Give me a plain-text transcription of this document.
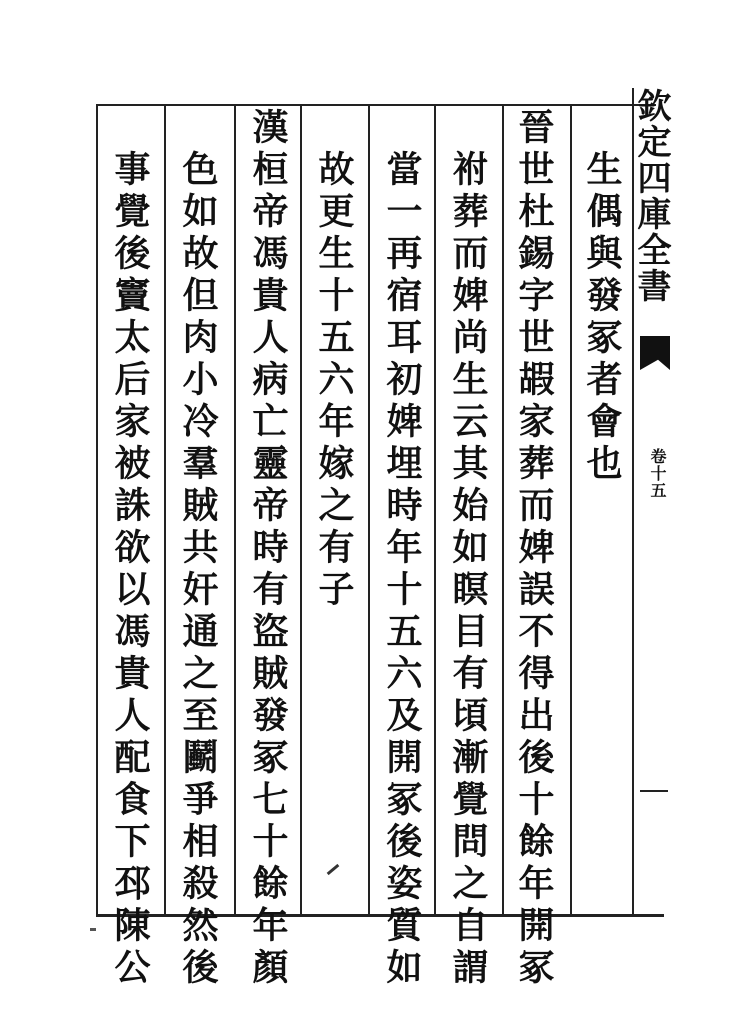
生偶與發冢者會也
晉世杜錫字世嘏家葬而婢誤不得出後十餘年開冢
祔葬而婢尚生云其始如瞑目有頃漸覺問之自謂
當一再宿耳初婢埋時年十五六及開冢後姿質如
故更生十五六年嫁之有子
漢桓帝馮貴人病亡靈帝時有盜賊發冢七十餘年顏
色如故但肉小冷羣賊共奸通之至鬬爭相殺然後
事覺後竇太后家被誅欲以馮貴人配食下邳陳公	欽定四庫全書
卷十五
